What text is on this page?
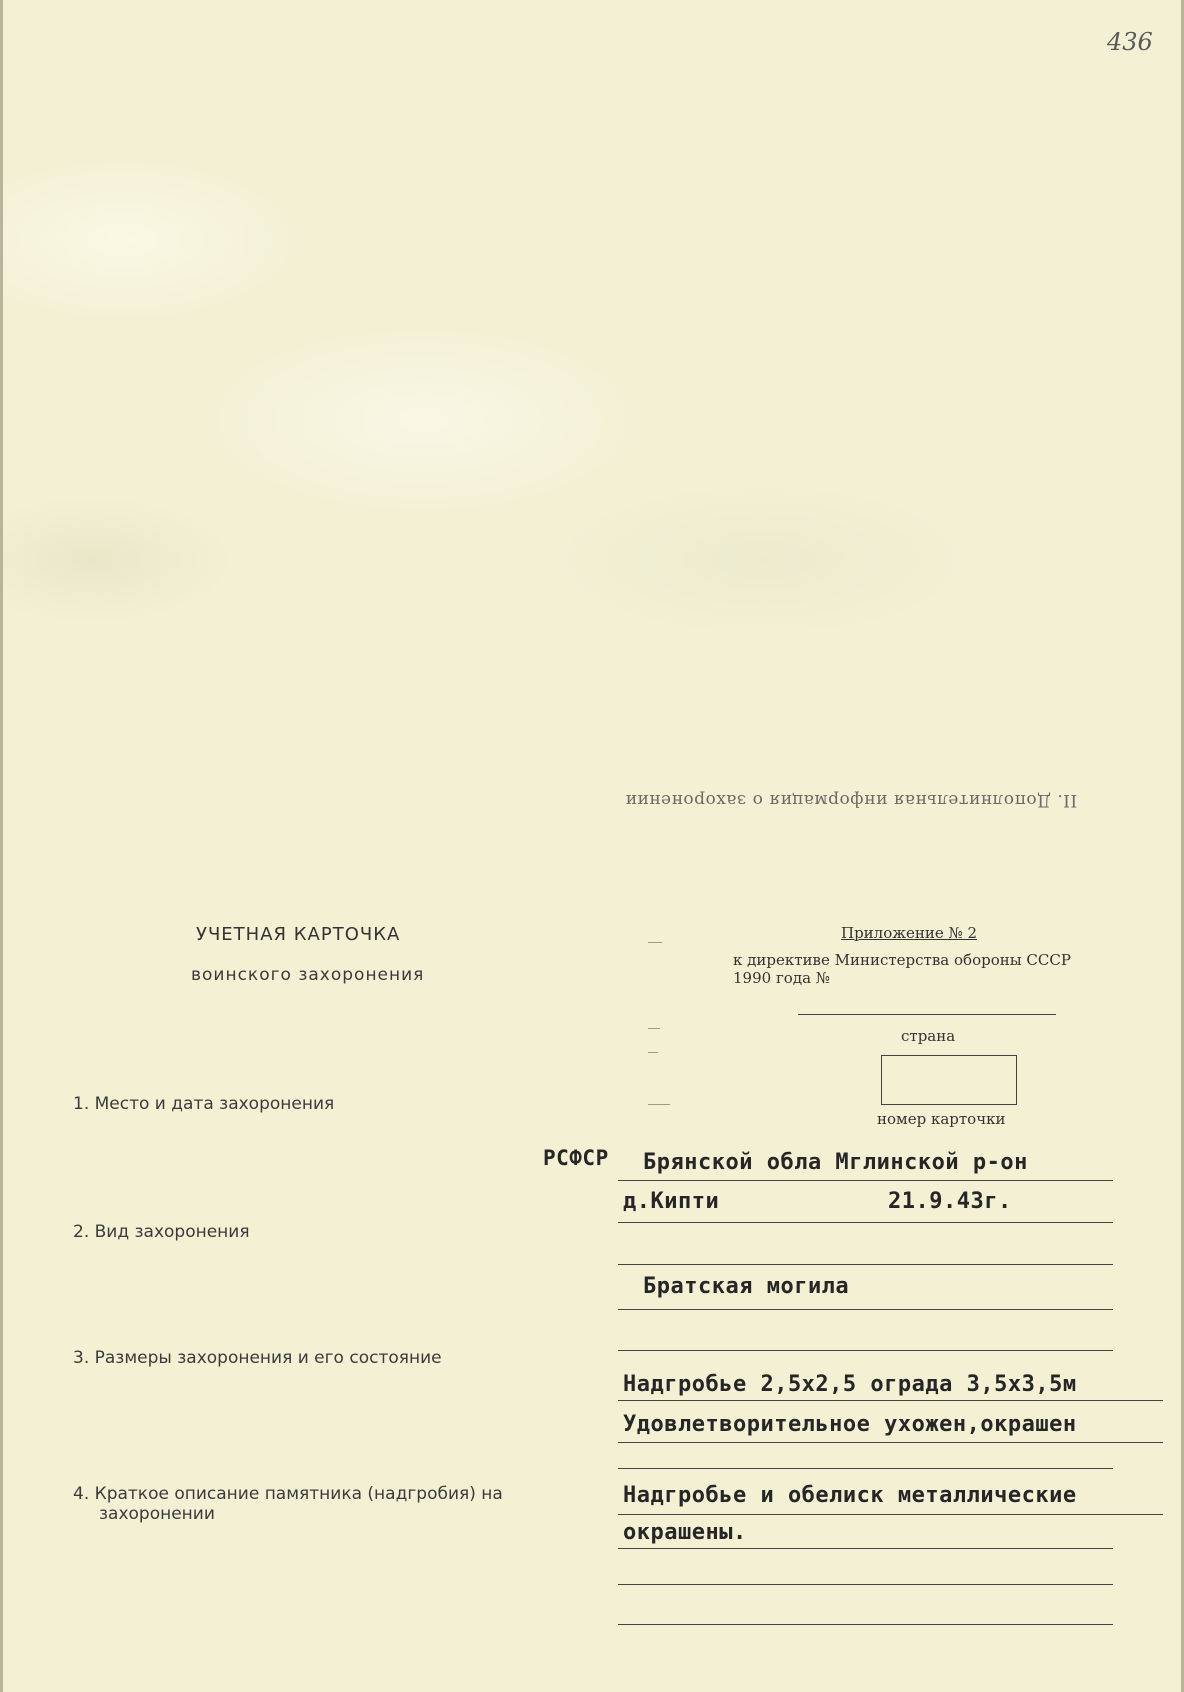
436
II. Дополнительная информация о захоронении
УЧЕТНАЯ КАРТОЧКА
воинского захоронения
Приложение № 2
к директиве Министерства обороны СССР
1990 года №
страна
номер карточки
1. Место и дата захоронения
РСФСР Брянской обла Мглинской р-он
д.Кипти	21.9.43г.
2. Вид захоронения
Братская могила
3. Размеры захоронения и его состояние
Надгробье 2,5х2,5 ограда 3,5х3,5м
Удовлетворительное ухожен,окрашен
4. Краткое описание памятника (надгробия) на
захоронении
Надгробье и обелиск металлические
окрашены.
